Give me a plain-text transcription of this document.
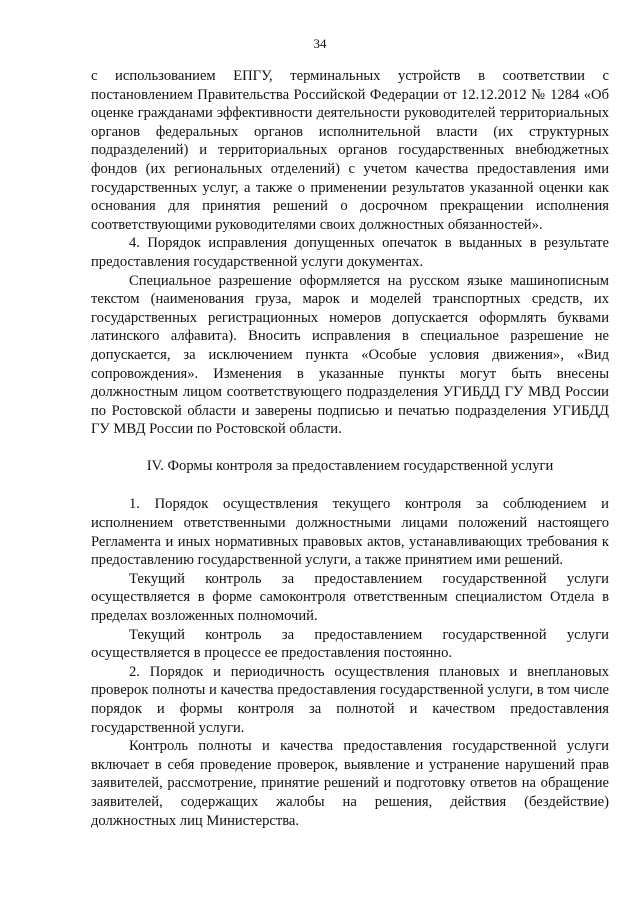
34

с использованием ЕПГУ, терминальных устройств в соответствии с постановлением Правительства Российской Федерации от 12.12.2012 № 1284 «Об оценке гражданами эффективности деятельности руководителей территориальных органов федеральных органов исполнительной власти (их структурных подразделений) и территориальных органов государственных внебюджетных фондов (их региональных отделений) с учетом качества предоставления ими государственных услуг, а также о применении результатов указанной оценки как основания для принятия решений о досрочном прекращении исполнения соответствующими руководителями своих должностных обязанностей».

4. Порядок исправления допущенных опечаток в выданных в результате предоставления государственной услуги документах.

Специальное разрешение оформляется на русском языке машинописным текстом (наименования груза, марок и моделей транспортных средств, их государственных регистрационных номеров допускается оформлять буквами латинского алфавита). Вносить исправления в специальное разрешение не допускается, за исключением пункта «Особые условия движения», «Вид сопровождения». Изменения в указанные пункты могут быть внесены должностным лицом соответствующего подразделения УГИБДД ГУ МВД России по Ростовской области и заверены подписью и печатью подразделения УГИБДД ГУ МВД России по Ростовской области.

IV. Формы контроля за предоставлением государственной услуги

1. Порядок осуществления текущего контроля за соблюдением и исполнением ответственными должностными лицами положений настоящего Регламента и иных нормативных правовых актов, устанавливающих требования к предоставлению государственной услуги, а также принятием ими решений.

Текущий контроль за предоставлением государственной услуги осуществляется в форме самоконтроля ответственным специалистом Отдела в пределах возложенных полномочий.

Текущий контроль за предоставлением государственной услуги осуществляется в процессе ее предоставления постоянно.

2. Порядок и периодичность осуществления плановых и внеплановых проверок полноты и качества предоставления государственной услуги, в том числе порядок и формы контроля за полнотой и качеством предоставления государственной услуги.

Контроль полноты и качества предоставления государственной услуги включает в себя проведение проверок, выявление и устранение нарушений прав заявителей, рассмотрение, принятие решений и подготовку ответов на обращение заявителей, содержащих жалобы на решения, действия (бездействие) должностных лиц Министерства.
